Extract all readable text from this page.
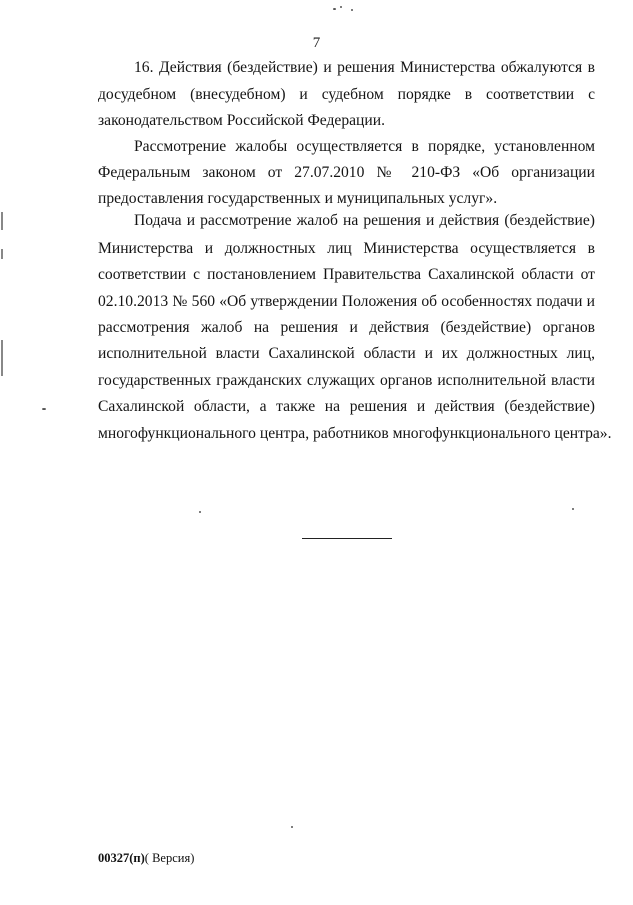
7
16. Действия (бездействие) и решения Министерства обжалуются в
досудебном (внесудебном) и судебном порядке в соответствии с
законодательством Российской Федерации.
Рассмотрение жалобы осуществляется в порядке, установленном
Федеральным законом от 27.07.2010 № 210-ФЗ «Об организации
предоставления государственных и муниципальных услуг».
Подача и рассмотрение жалоб на решения и действия (бездействие)
Министерства и должностных лиц Министерства осуществляется в
соответствии с постановлением Правительства Сахалинской области от
02.10.2013 № 560 «Об утверждении Положения об особенностях подачи и
рассмотрения жалоб на решения и действия (бездействие) органов
исполнительной власти Сахалинской области и их должностных лиц,
государственных гражданских служащих органов исполнительной власти
Сахалинской области, а также на решения и действия (бездействие)
многофункционального центра, работников многофункционального центра».
00327(п)( Версия)
